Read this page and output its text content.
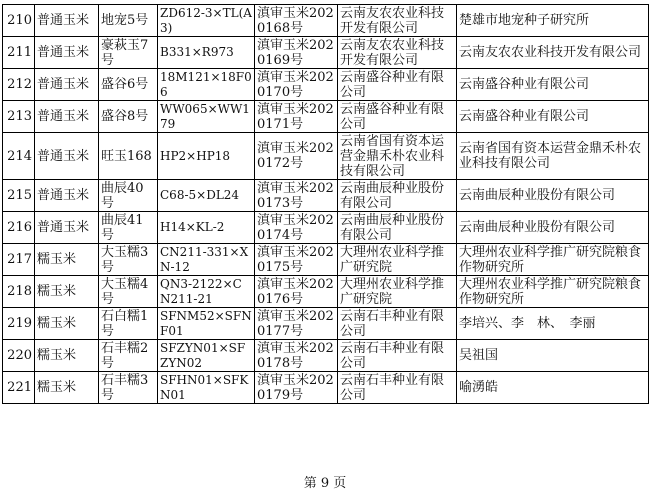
210	普通玉米	地宠5号	ZD612-3×TL(A3)	滇审玉米2020168号	云南友农农业科技开发有限公司	楚雄市地宠种子研究所
211	普通玉米	豪萩玉7号	B331×R973	滇审玉米2020169号	云南友农农业科技开发有限公司	云南友农农业科技开发有限公司
212	普通玉米	盛谷6号	18M121×18F06	滇审玉米2020170号	云南盛谷种业有限公司	云南盛谷种业有限公司
213	普通玉米	盛谷8号	WW065×WW179	滇审玉米2020171号	云南盛谷种业有限公司	云南盛谷种业有限公司
214	普通玉米	旺玉168	HP2×HP18	滇审玉米2020172号	云南省国有资本运营金鼎禾朴农业科技有限公司	云南省国有资本运营金鼎禾朴农业科技有限公司
215	普通玉米	曲辰40号	C68-5×DL24	滇审玉米2020173号	云南曲辰种业股份有限公司	云南曲辰种业股份有限公司
216	普通玉米	曲辰41号	H14×KL-2	滇审玉米2020174号	云南曲辰种业股份有限公司	云南曲辰种业股份有限公司
217	糯玉米	大玉糯3号	CN211-331×XN-12	滇审玉米2020175号	大理州农业科学推广研究院	大理州农业科学推广研究院粮食作物研究所
218	糯玉米	大玉糯4号	QN3-2122×CN211-21	滇审玉米2020176号	大理州农业科学推广研究院	大理州农业科学推广研究院粮食作物研究所
219	糯玉米	石白糯1号	SFNM52×SFNF01	滇审玉米2020177号	云南石丰种业有限公司	李培兴、李　林、　李丽
220	糯玉米	石丰糯2号	SFZYN01×SFZYN02	滇审玉米2020178号	云南石丰种业有限公司	吴祖国
221	糯玉米	石丰糯3号	SFHN01×SFKN01	滇审玉米2020179号	云南石丰种业有限公司	喻湧皓
第 9 页
